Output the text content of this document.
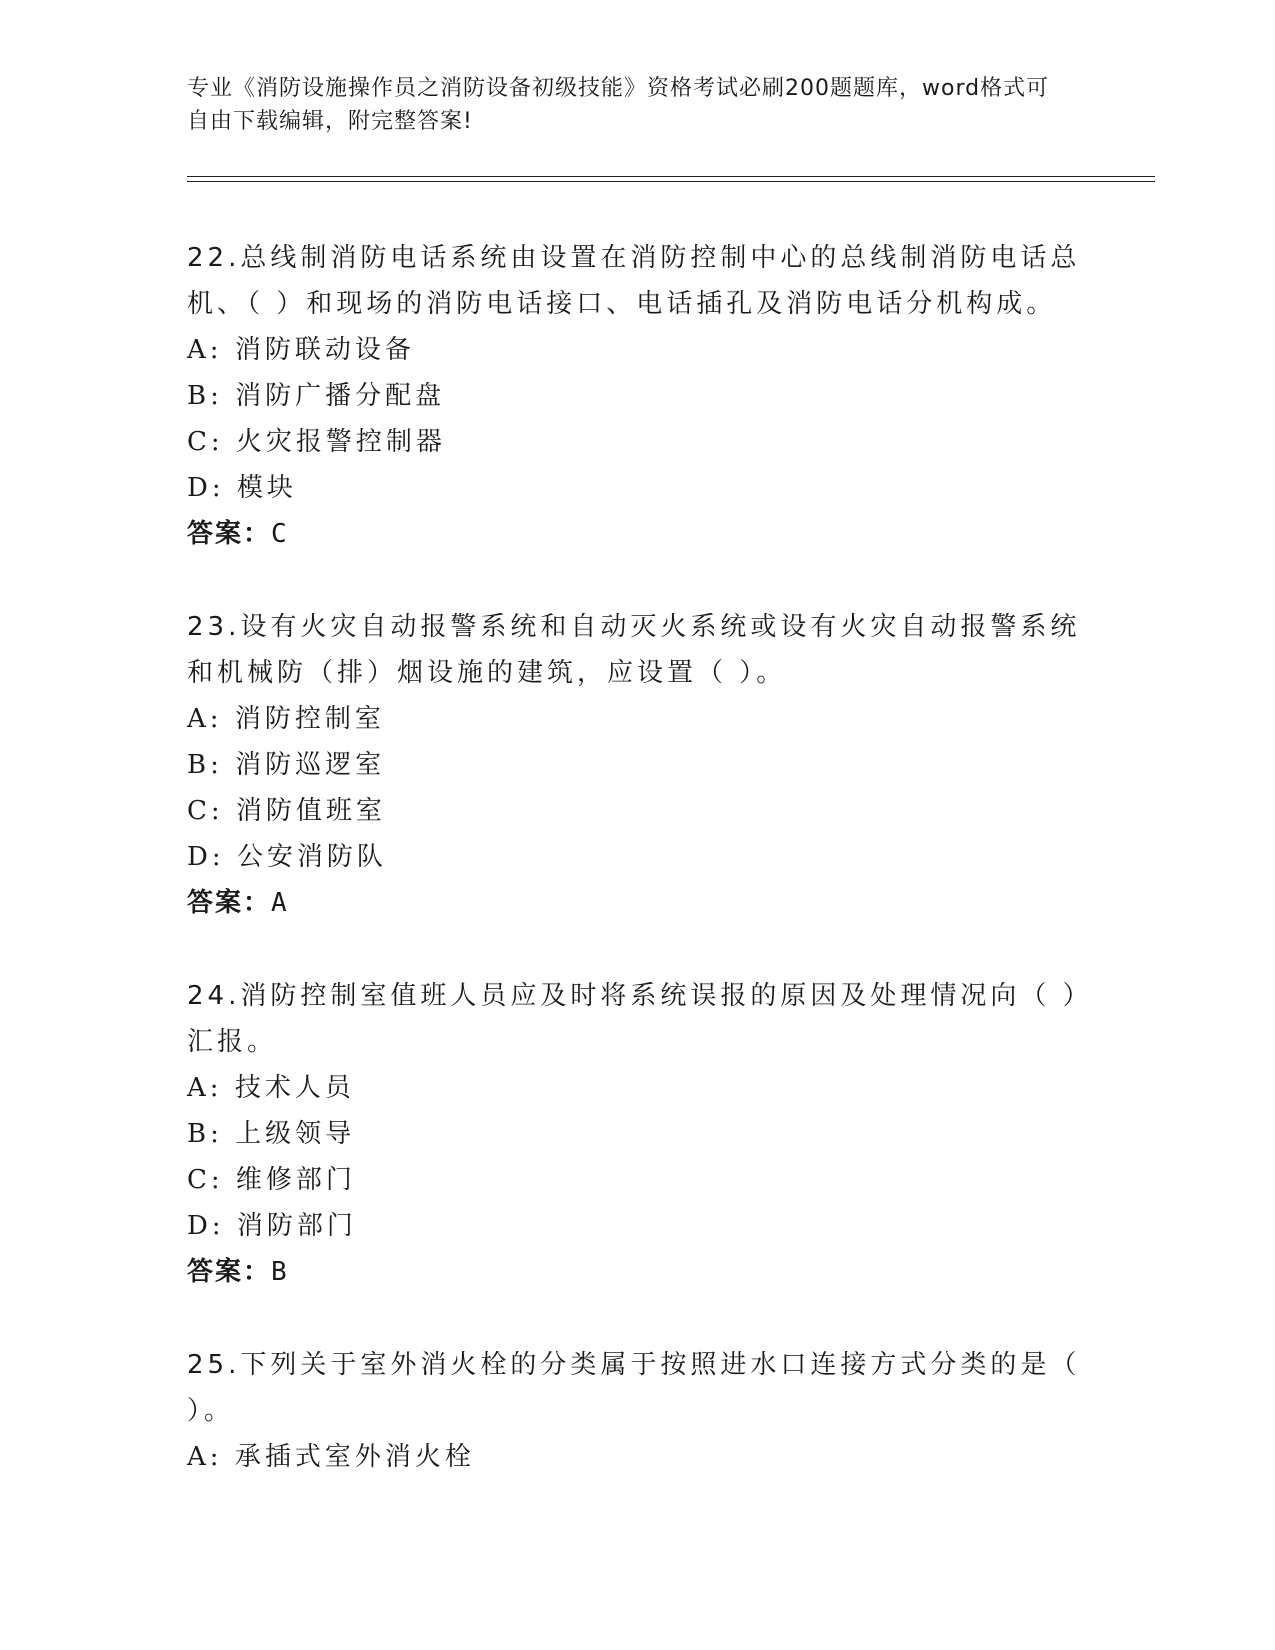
专业《消防设施操作员之消防设备初级技能》资格考试必刷200题题库，word格式可自由下载编辑，附完整答案!

22.总线制消防电话系统由设置在消防控制中心的总线制消防电话总机、（ ）和现场的消防电话接口、电话插孔及消防电话分机构成。

A: 消防联动设备

B: 消防广播分配盘

C: 火灾报警控制器

D: 模块

答案：C

23.设有火灾自动报警系统和自动灭火系统或设有火灾自动报警系统和机械防（排）烟设施的建筑，应设置（ ）。

A: 消防控制室

B: 消防巡逻室

C: 消防值班室

D: 公安消防队

答案：A

24.消防控制室值班人员应及时将系统误报的原因及处理情况向（ ）汇报。

A: 技术人员

B: 上级领导

C: 维修部门

D: 消防部门

答案：B

25.下列关于室外消火栓的分类属于按照进水口连接方式分类的是（ ）。

A: 承插式室外消火栓
